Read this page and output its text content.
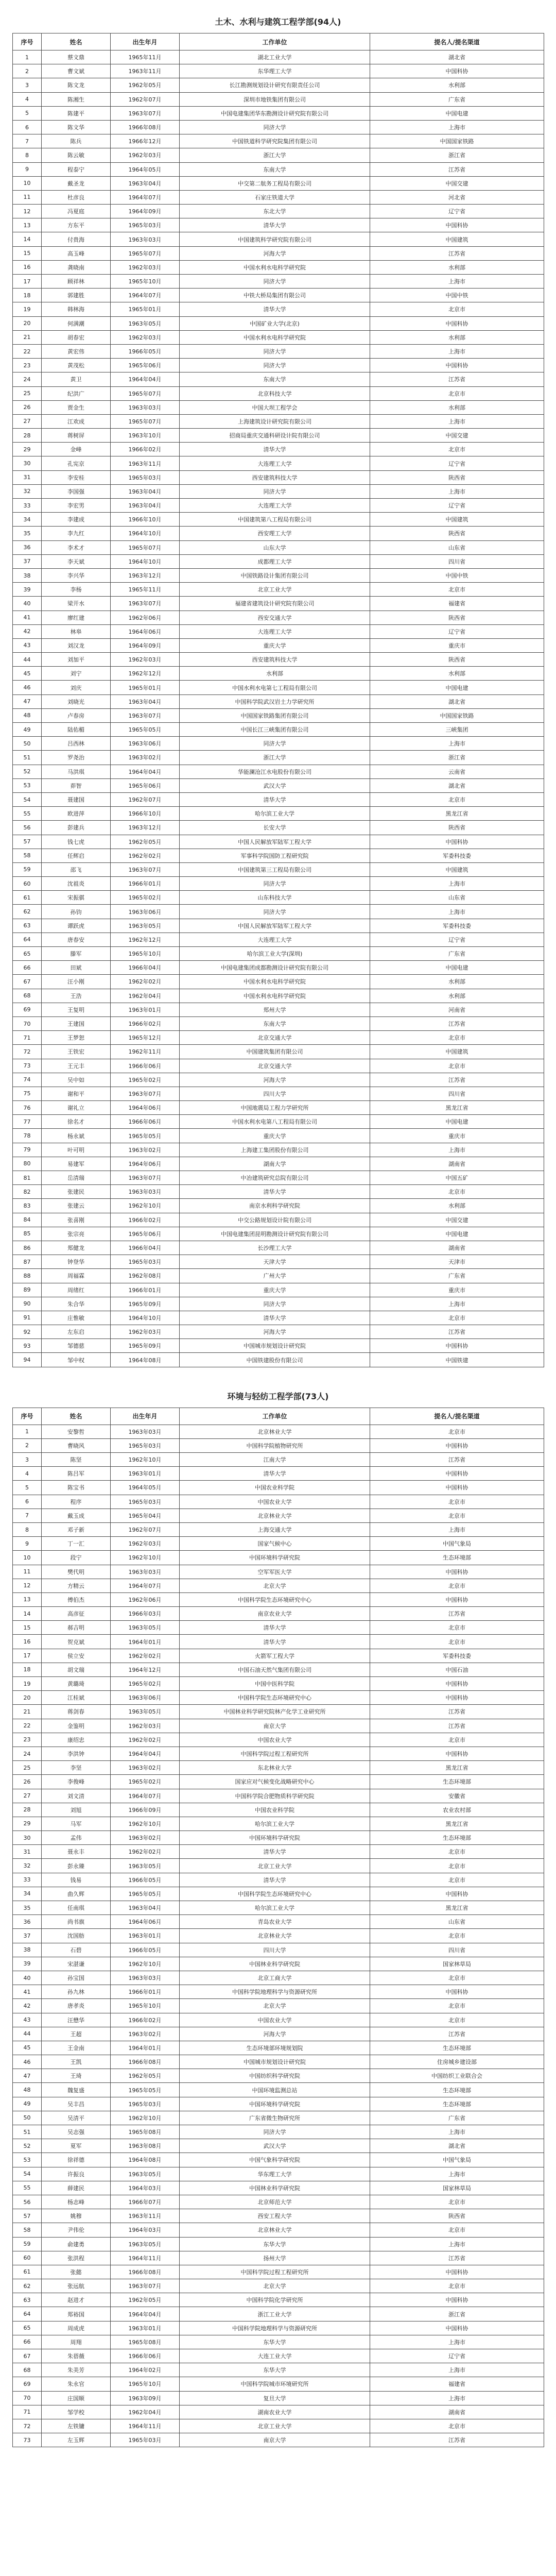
土木、水利与建筑工程学部(94人)
序号	姓名	出生年月	工作单位	提名人/提名渠道
1	蔡文鼎	1965年11月	湖北工业大学	湖北省
2	曹文斌	1963年11月	东华理工大学	中国科协
3	陈文龙	1962年05月	长江勘测规划设计研究有限责任公司	水利部
4	陈湘生	1962年07月	深圳市地铁集团有限公司	广东省
5	陈建平	1963年07月	中国电建集团华东勘测设计研究院有限公司	中国电建
6	陈文华	1966年08月	同济大学	上海市
7	陈兵	1966年12月	中国铁道科学研究院集团有限公司	中国国家铁路
8	陈云敏	1962年03月	浙江大学	浙江省
9	程泰宁	1964年05月	东南大学	江苏省
10	戴圣龙	1963年04月	中交第二航务工程局有限公司	中国交建
11	杜彦良	1964年07月	石家庄铁道大学	河北省
12	冯夏庭	1964年09月	东北大学	辽宁省
13	方东平	1965年03月	清华大学	中国科协
14	付贵海	1963年03月	中国建筑科学研究院有限公司	中国建筑
15	高玉峰	1965年07月	河海大学	江苏省
16	龚晓南	1962年03月	中国水利水电科学研究院	水利部
17	顾祥林	1965年10月	同济大学	上海市
18	郭建胜	1964年07月	中铁大桥局集团有限公司	中国中铁
19	韩林海	1965年01月	清华大学	北京市
20	何满潮	1963年05月	中国矿业大学(北京)	中国科协
21	胡春宏	1962年03月	中国水利水电科学研究院	水利部
22	黄宏伟	1966年05月	同济大学	上海市
23	黄茂松	1965年06月	同济大学	中国科协
24	黄卫	1964年04月	东南大学	江苏省
25	纪洪广	1965年07月	北京科技大学	北京市
26	贾金生	1963年03月	中国大坝工程学会	水利部
27	江欢成	1965年07月	上海建筑设计研究院有限公司	上海市
28	蒋树屏	1963年10月	招商局重庆交通科研设计院有限公司	中国交建
29	金峰	1966年02月	清华大学	北京市
30	孔宪京	1963年11月	大连理工大学	辽宁省
31	李安桂	1965年03月	西安建筑科技大学	陕西省
32	李国强	1963年04月	同济大学	上海市
33	李宏男	1963年04月	大连理工大学	辽宁省
34	李建成	1966年10月	中国建筑第八工程局有限公司	中国建筑
35	李九红	1964年10月	西安理工大学	陕西省
36	李术才	1965年07月	山东大学	山东省
37	李天斌	1964年10月	成都理工大学	四川省
38	李兴华	1963年12月	中国铁路设计集团有限公司	中国中铁
39	李杨	1965年11月	北京工业大学	北京市
40	梁开水	1963年07月	福建省建筑设计研究院有限公司	福建省
41	廖红建	1962年06月	西安交通大学	陕西省
42	林皋	1964年06月	大连理工大学	辽宁省
43	刘汉龙	1964年09月	重庆大学	重庆市
44	刘加平	1962年03月	西安建筑科技大学	陕西省
45	刘宁	1962年12月	水利部	水利部
46	刘庆	1965年01月	中国水利水电第七工程局有限公司	中国电建
47	刘晓光	1963年04月	中国科学院武汉岩土力学研究所	湖北省
48	卢春房	1963年07月	中国国家铁路集团有限公司	中国国家铁路
49	陆佑楣	1965年05月	中国长江三峡集团有限公司	三峡集团
50	吕西林	1963年06月	同济大学	上海市
51	罗尧治	1963年02月	浙江大学	浙江省
52	马洪琪	1964年04月	华能澜沧江水电股份有限公司	云南省
53	茆智	1965年06月	武汉大学	湖北省
54	聂建国	1962年07月	清华大学	北京市
55	欧进萍	1966年10月	哈尔滨工业大学	黑龙江省
56	彭建兵	1963年12月	长安大学	陕西省
57	钱七虎	1962年05月	中国人民解放军陆军工程大学	中国科协
58	任辉启	1962年02月	军事科学院国防工程研究院	军委科技委
59	邵飞	1963年07月	中国建筑第三工程局有限公司	中国建筑
60	沈祖炎	1966年01月	同济大学	上海市
61	宋振骐	1965年02月	山东科技大学	山东省
62	孙钧	1963年06月	同济大学	上海市
63	谭跃虎	1963年05月	中国人民解放军陆军工程大学	军委科技委
64	唐春安	1962年12月	大连理工大学	辽宁省
65	滕军	1965年10月	哈尔滨工业大学(深圳)	广东省
66	田斌	1966年04月	中国电建集团成都勘测设计研究院有限公司	中国电建
67	汪小刚	1962年02月	中国水利水电科学研究院	水利部
68	王浩	1962年04月	中国水利水电科学研究院	水利部
69	王复明	1963年01月	郑州大学	河南省
70	王建国	1966年02月	东南大学	江苏省
71	王梦恕	1965年12月	北京交通大学	北京市
72	王铁宏	1962年11月	中国建筑集团有限公司	中国建筑
73	王元丰	1966年06月	北京交通大学	北京市
74	吴中如	1965年02月	河海大学	江苏省
75	谢和平	1963年07月	四川大学	四川省
76	谢礼立	1964年06月	中国地震局工程力学研究所	黑龙江省
77	徐名才	1966年06月	中国水利水电第八工程局有限公司	中国电建
78	杨永斌	1965年05月	重庆大学	重庆市
79	叶可明	1963年02月	上海建工集团股份有限公司	上海市
80	易建军	1964年06月	湖南大学	湖南省
81	岳清瑞	1963年07月	中冶建筑研究总院有限公司	中国五矿
82	张建民	1963年03月	清华大学	北京市
83	张建云	1962年10月	南京水利科学研究院	水利部
84	张喜刚	1966年02月	中交公路规划设计院有限公司	中国交建
85	张宗亮	1965年06月	中国电建集团昆明勘测设计研究院有限公司	中国电建
86	郑健龙	1966年04月	长沙理工大学	湖南省
87	钟登华	1965年03月	天津大学	天津市
88	周福霖	1962年08月	广州大学	广东省
89	周绪红	1966年01月	重庆大学	重庆市
90	朱合华	1965年09月	同济大学	上海市
91	庄惟敏	1964年10月	清华大学	北京市
92	左东启	1962年03月	河海大学	江苏省
93	邹德慈	1965年09月	中国城市规划设计研究院	中国科协
94	邹中权	1964年08月	中国铁建股份有限公司	中国铁建
环境与轻纺工程学部(73人)
序号	姓名	出生年月	工作单位	提名人/提名渠道
1	安黎哲	1963年03月	北京林业大学	北京市
2	曹晓风	1965年03月	中国科学院植物研究所	中国科协
3	陈坚	1962年10月	江南大学	江苏省
4	陈吕军	1963年01月	清华大学	中国科协
5	陈宝书	1964年05月	中国农业科学院	中国科协
6	程序	1965年03月	中国农业大学	北京市
7	戴玉成	1965年04月	北京林业大学	北京市
8	邓子新	1962年07月	上海交通大学	上海市
9	丁一汇	1962年03月	国家气候中心	中国气象局
10	段宁	1962年10月	中国环境科学研究院	生态环境部
11	樊代明	1963年03月	空军军医大学	中国科协
12	方精云	1964年07月	北京大学	北京市
13	傅伯杰	1962年06月	中国科学院生态环境研究中心	中国科协
14	高彦征	1966年03月	南京农业大学	江苏省
15	郝吉明	1963年05月	清华大学	北京市
16	贺克斌	1964年01月	清华大学	北京市
17	侯立安	1962年02月	火箭军工程大学	军委科技委
18	胡文瑞	1964年12月	中国石油天然气集团有限公司	中国石油
19	黄璐琦	1965年02月	中国中医科学院	中国科协
20	江桂斌	1963年06月	中国科学院生态环境研究中心	中国科协
21	蒋剑春	1963年05月	中国林业科学研究院林产化学工业研究所	江苏省
22	金鉴明	1962年03月	南京大学	江苏省
23	康绍忠	1962年02月	中国农业大学	北京市
24	李洪钟	1964年04月	中国科学院过程工程研究所	中国科协
25	李坚	1963年02月	东北林业大学	黑龙江省
26	李俊峰	1965年02月	国家应对气候变化战略研究中心	生态环境部
27	刘文清	1964年07月	中国科学院合肥物质科学研究院	安徽省
28	刘旭	1966年09月	中国农业科学院	农业农村部
29	马军	1962年10月	哈尔滨工业大学	黑龙江省
30	孟伟	1963年02月	中国环境科学研究院	生态环境部
31	聂永丰	1962年02月	清华大学	北京市
32	彭永臻	1963年05月	北京工业大学	北京市
33	钱易	1966年05月	清华大学	北京市
34	曲久辉	1965年05月	中国科学院生态环境研究中心	中国科协
35	任南琪	1963年04月	哈尔滨工业大学	黑龙江省
36	尚书旗	1964年06月	青岛农业大学	山东省
37	沈国舫	1963年01月	北京林业大学	北京市
38	石碧	1966年05月	四川大学	四川省
39	宋湛谦	1962年10月	中国林业科学研究院	国家林草局
40	孙宝国	1963年03月	北京工商大学	北京市
41	孙九林	1966年01月	中国科学院地理科学与资源研究所	中国科协
42	唐孝炎	1965年10月	北京大学	北京市
43	汪懋华	1966年02月	中国农业大学	北京市
44	王超	1963年02月	河海大学	江苏省
45	王金南	1964年01月	生态环境部环境规划院	生态环境部
46	王凯	1966年08月	中国城市规划设计研究院	住房城乡建设部
47	王琦	1962年05月	中国纺织科学研究院	中国纺织工业联合会
48	魏复盛	1965年05月	中国环境监测总站	生态环境部
49	吴丰昌	1965年03月	中国环境科学研究院	生态环境部
50	吴清平	1962年10月	广东省微生物研究所	广东省
51	吴志强	1965年08月	同济大学	上海市
52	夏军	1963年08月	武汉大学	湖北省
53	徐祥德	1964年08月	中国气象科学研究院	中国气象局
54	许振良	1963年05月	华东理工大学	上海市
55	薛建民	1964年03月	中国林业科学研究院	国家林草局
56	杨志峰	1966年07月	北京师范大学	北京市
57	姚穆	1963年11月	西安工程大学	陕西省
58	尹伟伦	1964年03月	北京林业大学	北京市
59	俞建勇	1963年05月	东华大学	上海市
60	张洪程	1964年11月	扬州大学	江苏省
61	张懿	1966年08月	中国科学院过程工程研究所	中国科协
62	张远航	1963年07月	北京大学	北京市
63	赵进才	1962年05月	中国科学院化学研究所	中国科协
64	郑裕国	1964年04月	浙江工业大学	浙江省
65	周成虎	1963年01月	中国科学院地理科学与资源研究所	中国科协
66	周翔	1965年08月	东华大学	上海市
67	朱蓓薇	1966年06月	大连工业大学	辽宁省
68	朱美芳	1964年02月	东华大学	上海市
69	朱永官	1965年10月	中国科学院城市环境研究所	福建省
70	庄国顺	1963年09月	复旦大学	上海市
71	邹学校	1962年04月	湖南农业大学	湖南省
72	左铁镛	1964年11月	北京工业大学	北京市
73	左玉辉	1965年03月	南京大学	江苏省
